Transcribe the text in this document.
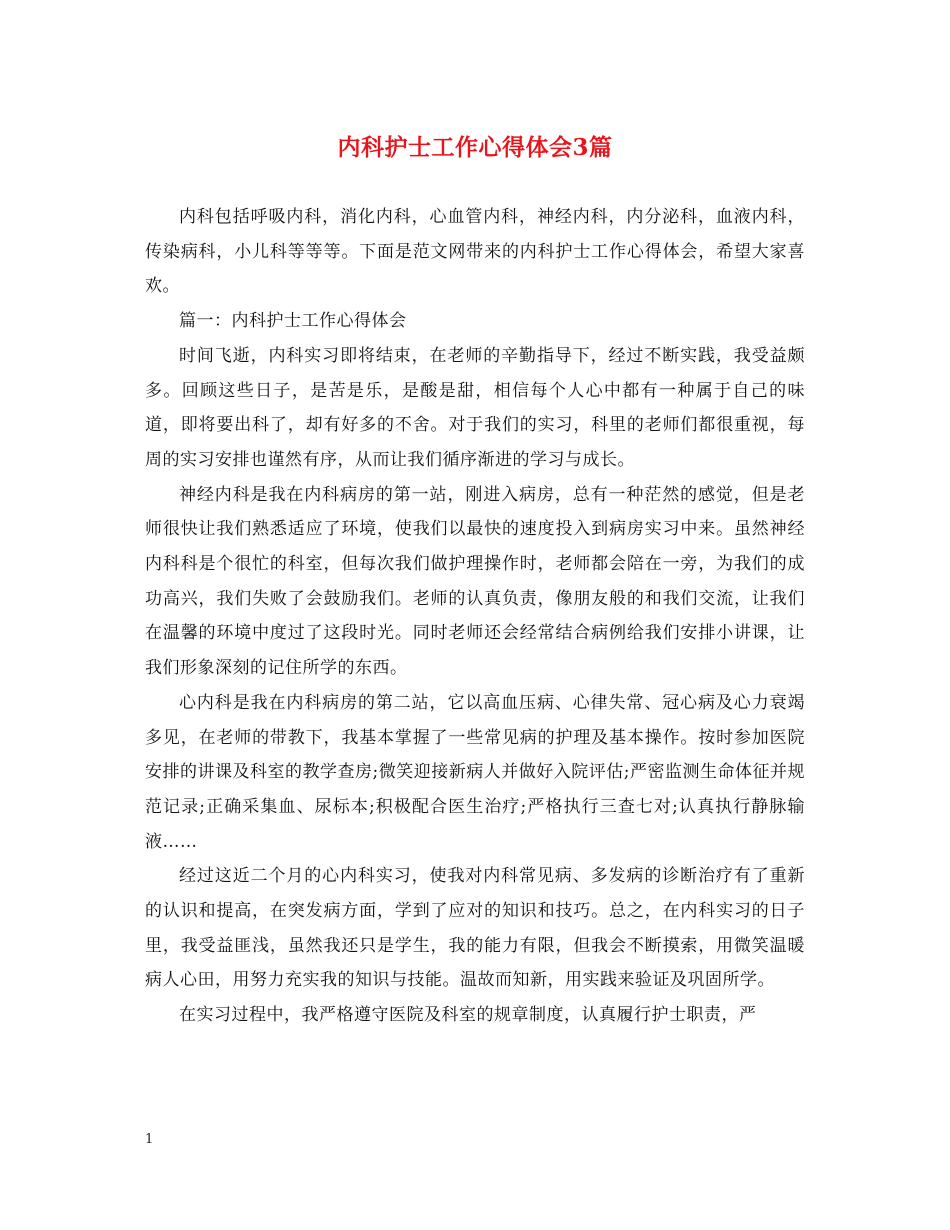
内科护士工作心得体会3篇

内科包括呼吸内科，消化内科，心血管内科，神经内科，内分泌科，血液内科，传染病科，小儿科等等等。下面是范文网带来的内科护士工作心得体会，希望大家喜欢。

篇一：内科护士工作心得体会

时间飞逝，内科实习即将结束，在老师的辛勤指导下，经过不断实践，我受益颇多。回顾这些日子，是苦是乐，是酸是甜，相信每个人心中都有一种属于自己的味道，即将要出科了，却有好多的不舍。对于我们的实习，科里的老师们都很重视，每周的实习安排也谨然有序，从而让我们循序渐进的学习与成长。

神经内科是我在内科病房的第一站，刚进入病房，总有一种茫然的感觉，但是老师很快让我们熟悉适应了环境，使我们以最快的速度投入到病房实习中来。虽然神经内科科是个很忙的科室，但每次我们做护理操作时，老师都会陪在一旁，为我们的成功高兴，我们失败了会鼓励我们。老师的认真负责，像朋友般的和我们交流，让我们在温馨的环境中度过了这段时光。同时老师还会经常结合病例给我们安排小讲课，让我们形象深刻的记住所学的东西。

心内科是我在内科病房的第二站，它以高血压病、心律失常、冠心病及心力衰竭多见，在老师的带教下，我基本掌握了一些常见病的护理及基本操作。按时参加医院安排的讲课及科室的教学查房;微笑迎接新病人并做好入院评估;严密监测生命体征并规范记录;正确采集血、尿标本;积极配合医生治疗;严格执行三查七对;认真执行静脉输液……

经过这近二个月的心内科实习，使我对内科常见病、多发病的诊断治疗有了重新的认识和提高，在突发病方面，学到了应对的知识和技巧。总之，在内科实习的日子里，我受益匪浅，虽然我还只是学生，我的能力有限，但我会不断摸索，用微笑温暖病人心田，用努力充实我的知识与技能。温故而知新，用实践来验证及巩固所学。

在实习过程中，我严格遵守医院及科室的规章制度，认真履行护士职责，严

1
